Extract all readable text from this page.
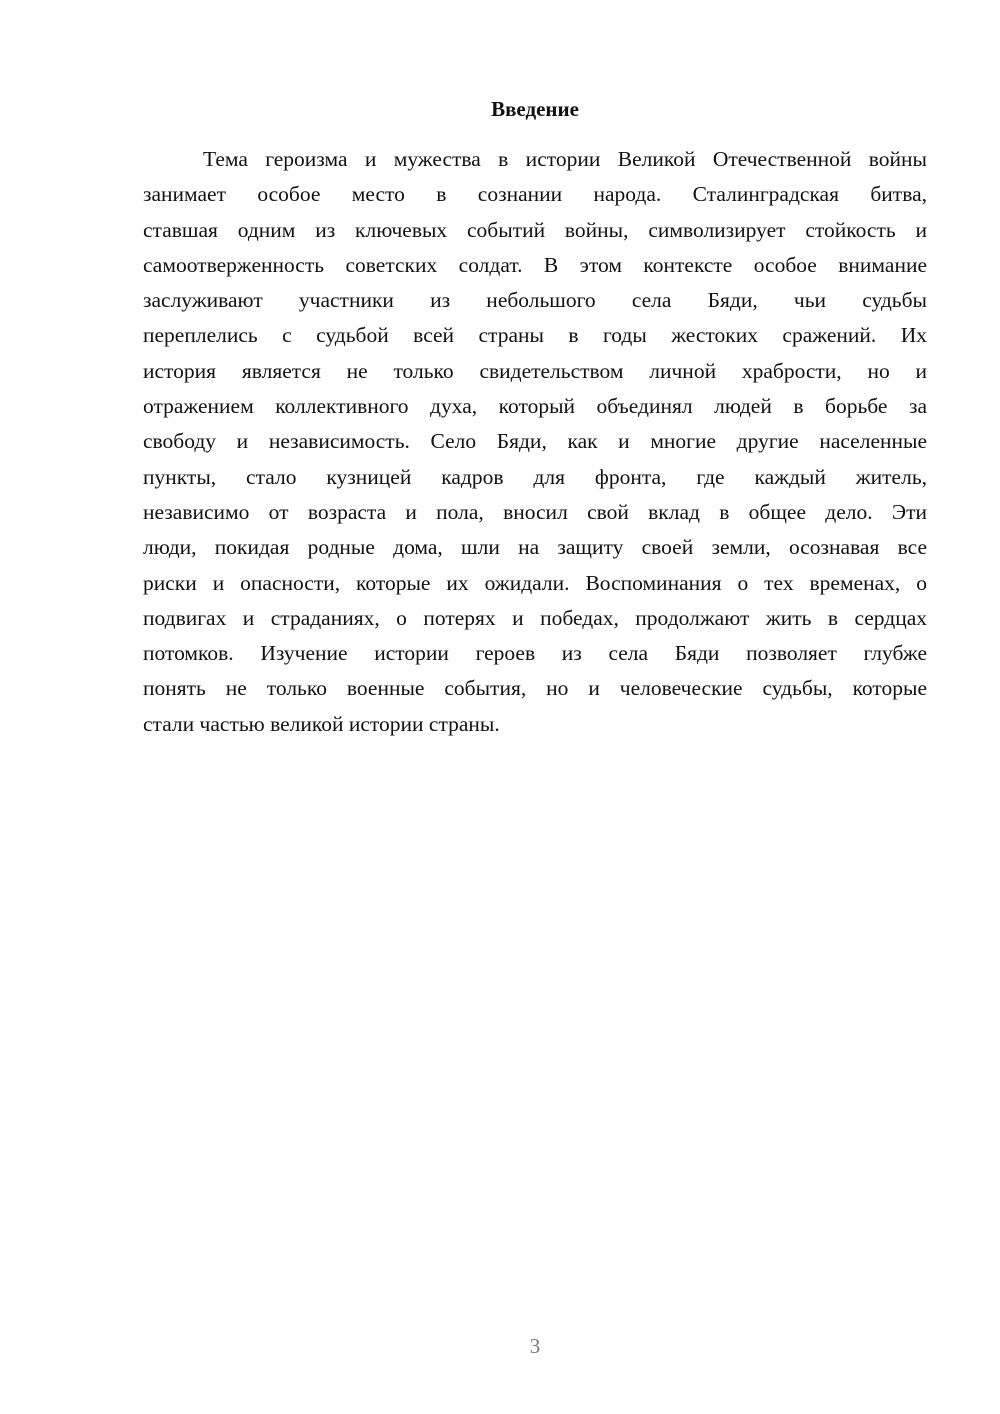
Введение
Тема героизма и мужества в истории Великой Отечественной войны
занимает особое место в сознании народа. Сталинградская битва,
ставшая одним из ключевых событий войны, символизирует стойкость и
самоотверженность советских солдат. В этом контексте особое внимание
заслуживают участники из небольшого села Бяди, чьи судьбы
переплелись с судьбой всей страны в годы жестоких сражений. Их
история является не только свидетельством личной храбрости, но и
отражением коллективного духа, который объединял людей в борьбе за
свободу и независимость. Село Бяди, как и многие другие населенные
пункты, стало кузницей кадров для фронта, где каждый житель,
независимо от возраста и пола, вносил свой вклад в общее дело. Эти
люди, покидая родные дома, шли на защиту своей земли, осознавая все
риски и опасности, которые их ожидали. Воспоминания о тех временах, о
подвигах и страданиях, о потерях и победах, продолжают жить в сердцах
потомков. Изучение истории героев из села Бяди позволяет глубже
понять не только военные события, но и человеческие судьбы, которые
стали частью великой истории страны.
3
